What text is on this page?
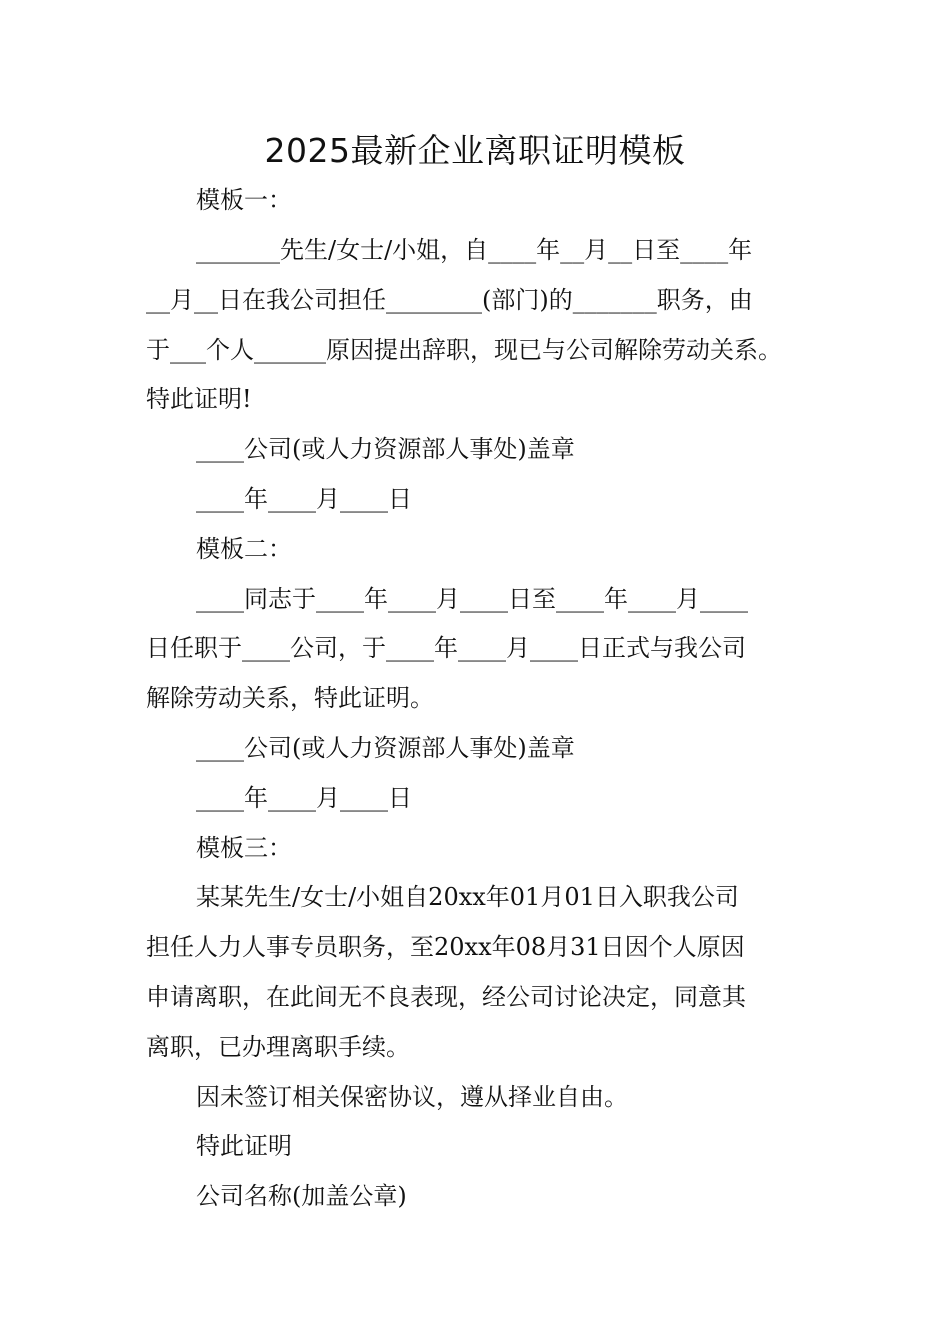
2025最新企业离职证明模板
模板一：
_______先生/女士/小姐，自____年__月__日至____年
__月__日在我公司担任________(部门)的_______职务，由
于___个人______原因提出辞职，现已与公司解除劳动关系。
特此证明!
____公司(或人力资源部人事处)盖章
____年____月____日
模板二：
____同志于____年____月____日至____年____月____
日任职于____公司，于____年____月____日正式与我公司
解除劳动关系，特此证明。
____公司(或人力资源部人事处)盖章
____年____月____日
模板三：
某某先生/女士/小姐自20xx年01月01日入职我公司
担任人力人事专员职务，至20xx年08月31日因个人原因
申请离职，在此间无不良表现，经公司讨论决定，同意其
离职，已办理离职手续。
因未签订相关保密协议，遵从择业自由。
特此证明
公司名称(加盖公章)
